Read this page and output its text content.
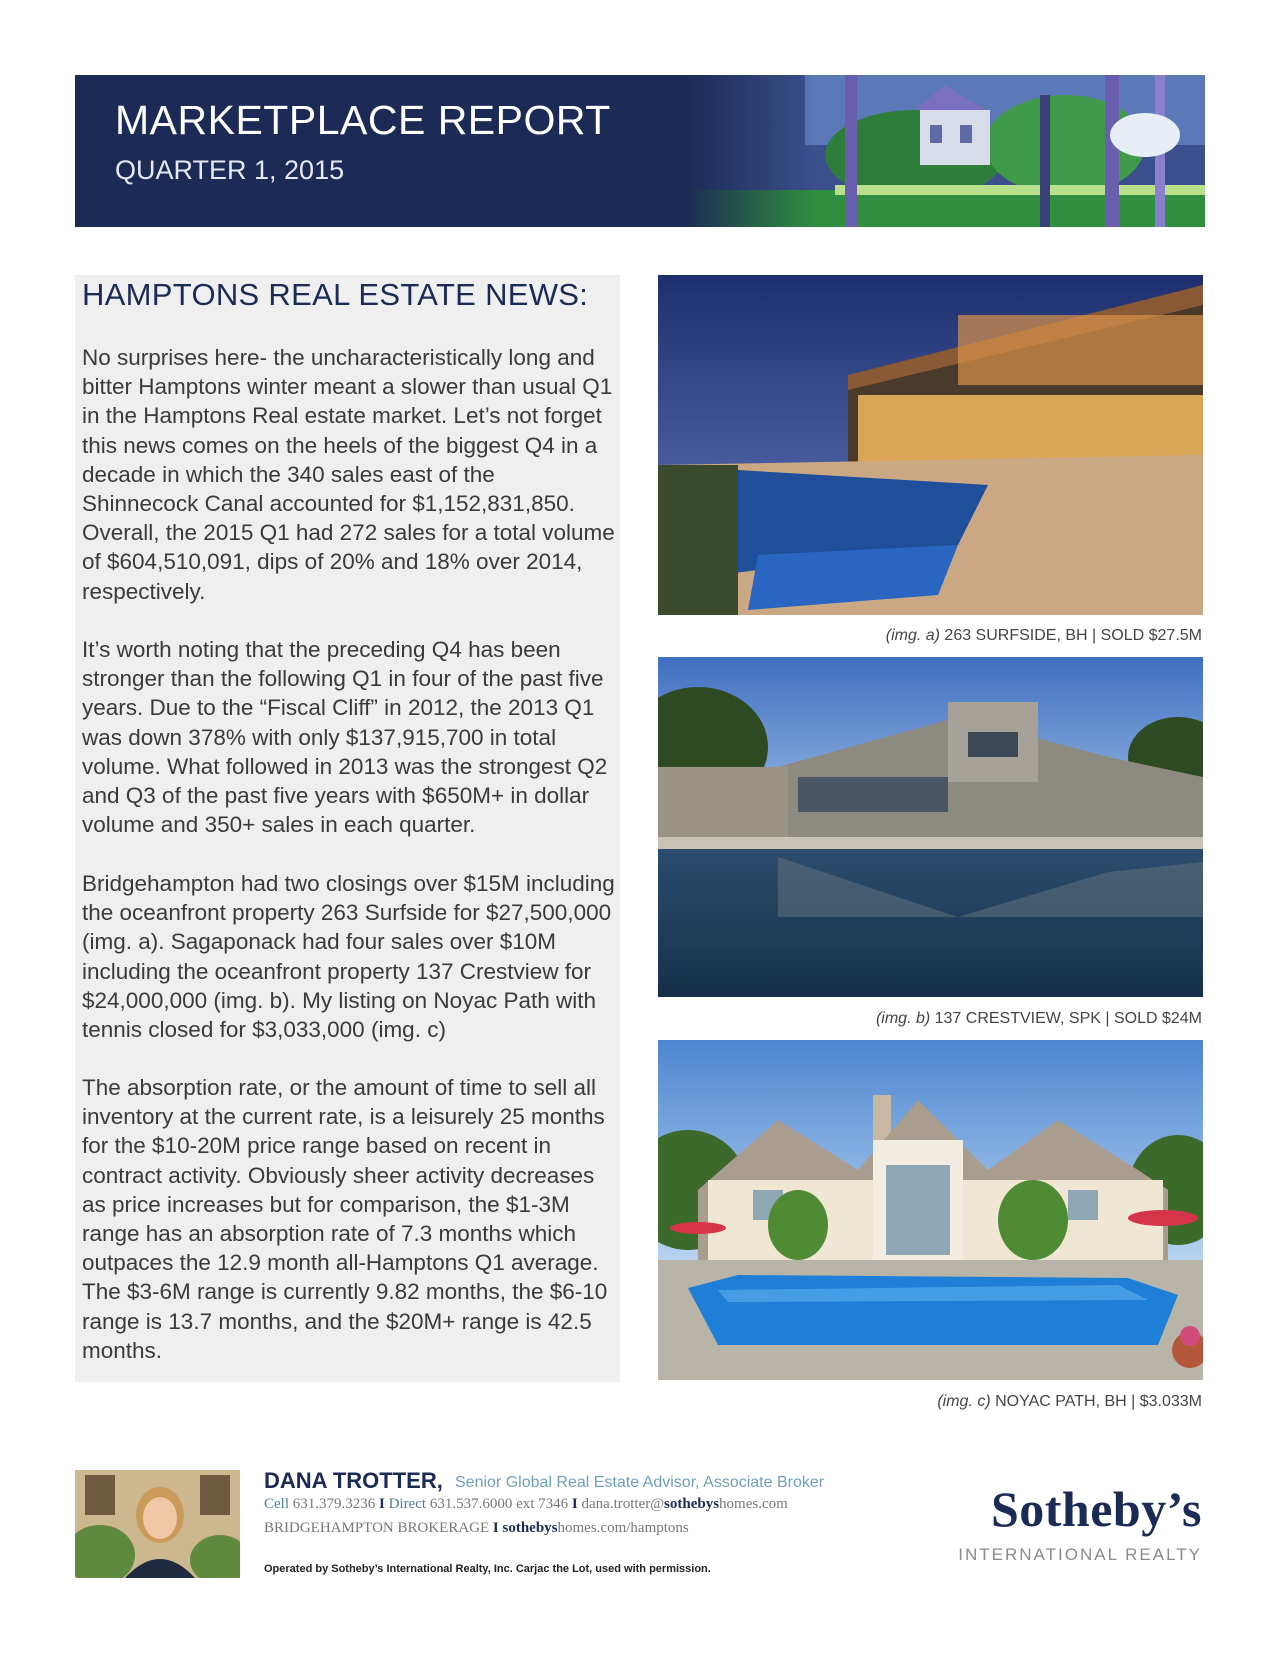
MARKETPLACE REPORT
QUARTER 1, 2015
HAMPTONS REAL ESTATE NEWS:

No surprises here- the uncharacteristically long and bitter Hamptons winter meant a slower than usual Q1 in the Hamptons Real estate market. Let’s not forget this news comes on the heels of the biggest Q4 in a decade in which the 340 sales east of the Shinnecock Canal accounted for $1,152,831,850. Overall, the 2015 Q1 had 272 sales for a total volume of $604,510,091, dips of 20% and 18% over 2014, respectively.

It’s worth noting that the preceding Q4 has been stronger than the following Q1 in four of the past five years. Due to the “Fiscal Cliff” in 2012, the 2013 Q1 was down 378% with only $137,915,700 in total volume. What followed in 2013 was the strongest Q2 and Q3 of the past five years with $650M+ in dollar volume and 350+ sales in each quarter.

Bridgehampton had two closings over $15M including the oceanfront property 263 Surfside for $27,500,000 (img. a). Sagaponack had four sales over $10M including the oceanfront property 137 Crestview for $24,000,000 (img. b). My listing on Noyac Path with tennis closed for $3,033,000 (img. c)

The absorption rate, or the amount of time to sell all inventory at the current rate, is a leisurely 25 months for the $10-20M price range based on recent in contract activity. Obviously sheer activity decreases as price increases but for comparison, the $1-3M range has an absorption rate of 7.3 months which outpaces the 12.9 month all-Hamptons Q1 average. The $3-6M range is currently 9.82 months, the $6-10 range is 13.7 months, and the $20M+ range is 42.5 months.

(img. a) 263 SURFSIDE, BH | SOLD $27.5M
(img. b) 137 CRESTVIEW, SPK | SOLD $24M
(img. c) NOYAC PATH, BH | $3.033M
DANA TROTTER, Senior Global Real Estate Advisor, Associate Broker
Cell 631.379.3236 I Direct 631.537.6000 ext 7346 I dana.trotter@sothebyshomes.com
BRIDGEHAMPTON BROKERAGE I sothebyshomes.com/hamptons
Operated by Sotheby’s International Realty, Inc. Carjac the Lot, used with permission.
Sotheby’s
INTERNATIONAL REALTY
